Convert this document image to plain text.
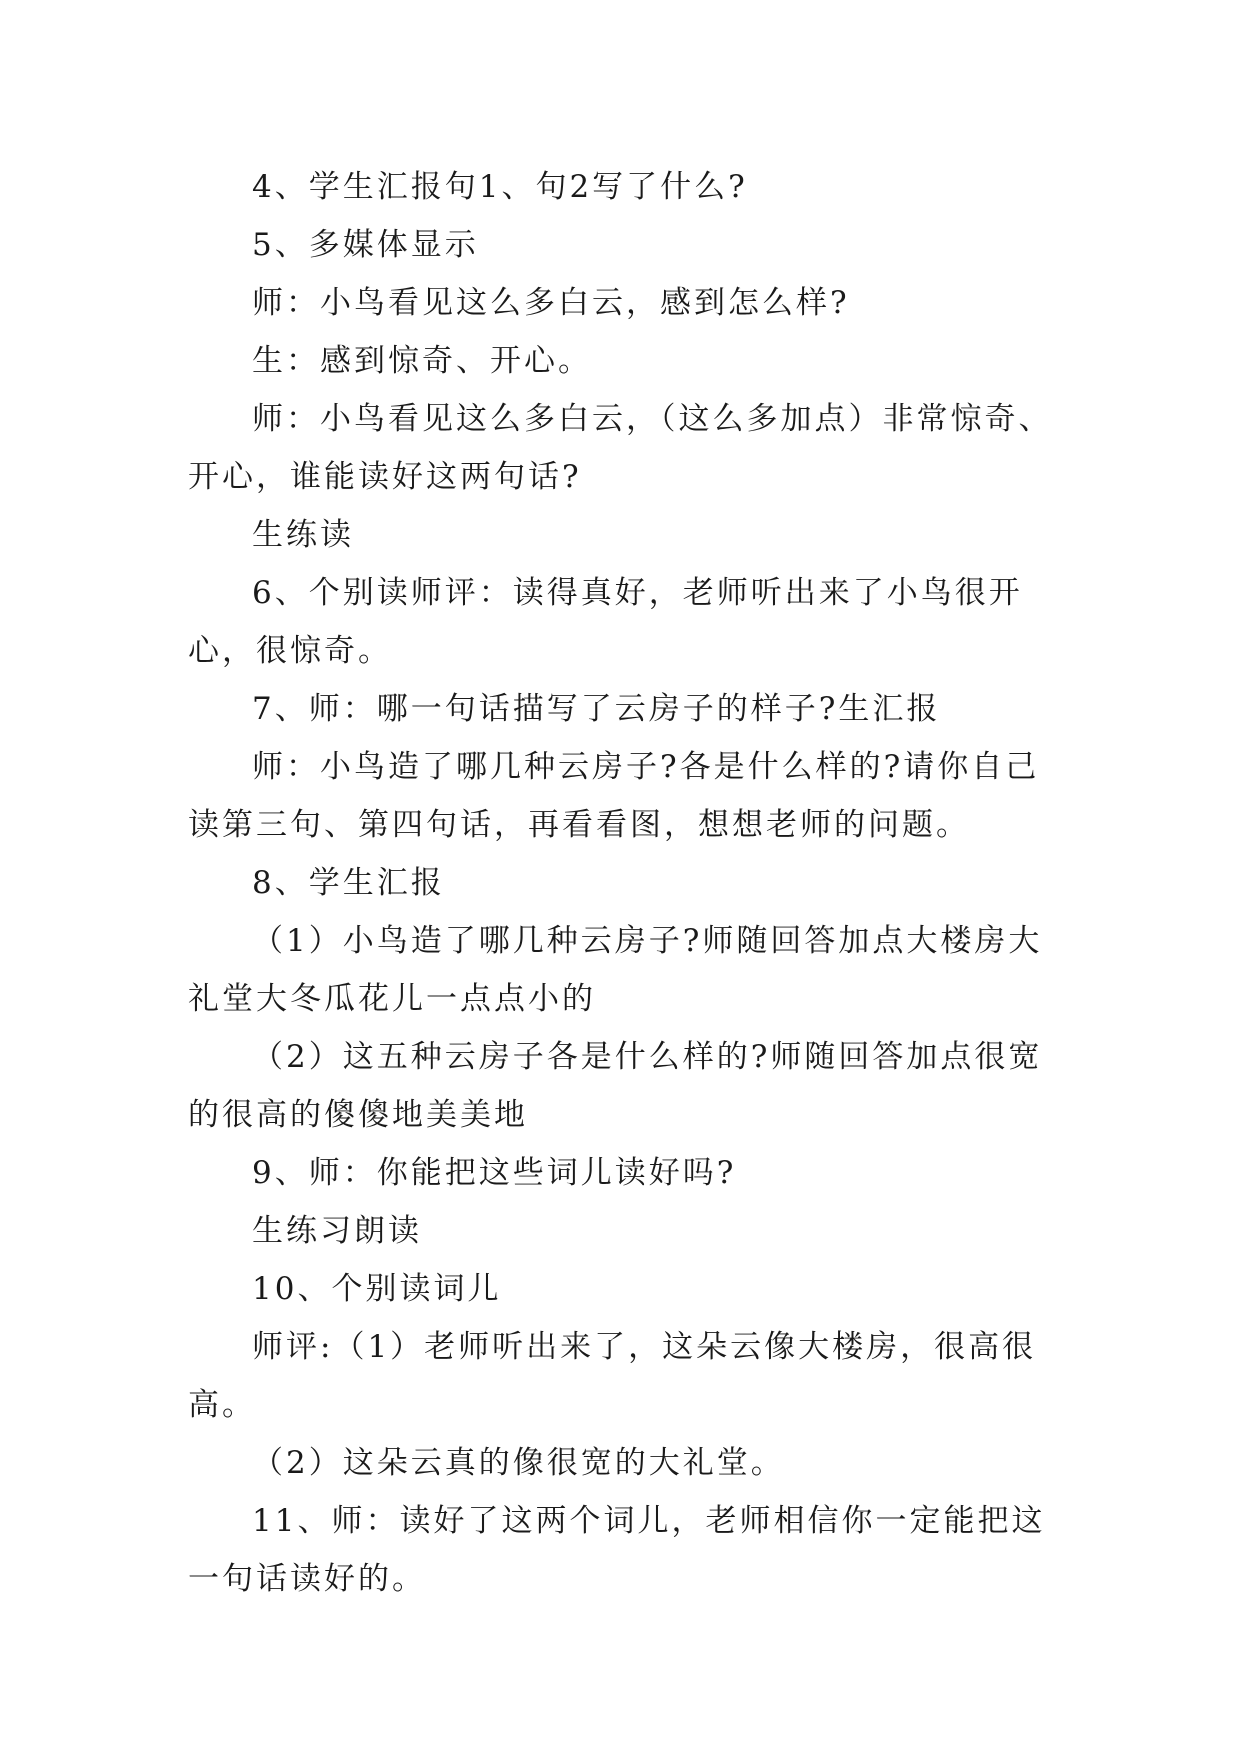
4、学生汇报句1、句2写了什么?

5、多媒体显示

师：小鸟看见这么多白云，感到怎么样?

生：感到惊奇、开心。

师：小鸟看见这么多白云，（这么多加点）非常惊奇、开心，谁能读好这两句话?

生练读

6、个别读师评：读得真好，老师听出来了小鸟很开心，很惊奇。

7、师：哪一句话描写了云房子的样子?生汇报

师：小鸟造了哪几种云房子?各是什么样的?请你自己读第三句、第四句话，再看看图，想想老师的问题。

8、学生汇报

（1）小鸟造了哪几种云房子?师随回答加点大楼房大礼堂大冬瓜花儿一点点小的

（2）这五种云房子各是什么样的?师随回答加点很宽的很高的傻傻地美美地

9、师：你能把这些词儿读好吗?

生练习朗读

10、个别读词儿

师评:（1）老师听出来了，这朵云像大楼房，很高很高。

（2）这朵云真的像很宽的大礼堂。

11、师：读好了这两个词儿，老师相信你一定能把这一句话读好的。
